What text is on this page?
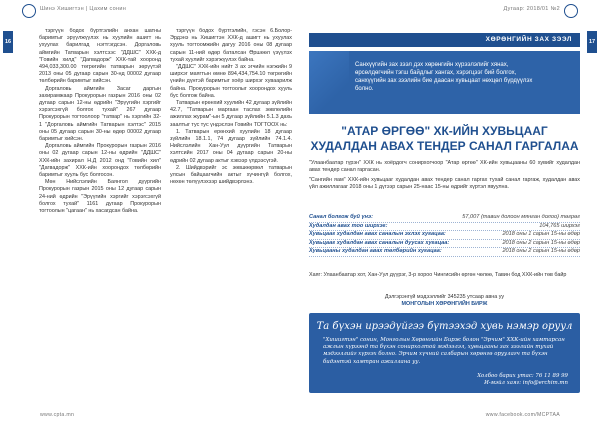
Шинэ Хишигтэн | Цахим сонин
16
Дугаар: 2018/01 №2
17

тэргүүн бодох бүртгэлийн анхан шатны баримтыг эрүүлжүүлэх нь хуулийн ашигт нь ухуулах барилгад нэгтгэгдсэн. Доргаловь аймгийн Татварын хэлтсээс "ДДШС" ХХК-д "Говийн хилд" "Дагвадорж" ХХК-тай хооронд 494,033,300.00 төгрөгийн татварын зөрүүтэй 2013 оны 05 дугаар сарын 30-нд 00002 дугаар төлбөрийн баримтыг хийсэн.

Доргаловь аймгийн Засаг даргын захирамжаар Прокурорын газрын 2016 оны 02 дугаар сарын 12-ны өдрийн "Эрүүгийн хэргийг хэрэгсэхгүй болгох тухай" 267 дугаар Прокурорын тогтоолоор "татвар" нь хэргийн 32-1 "Доргаловь аймгийн Татварын хэлтэс" 2015 оны 05 дугаар сарын 30-ны өдөр 00002 дугаар баримтыг хийсэн.

Доргаловь аймгийн Прокурорын газрын 2016 оны 02 дугаар сарын 12-ны өдрийн "ДДШС" ХХК-ийн захирал Н.Д 2012 онд "Говийн хил" "Дагвадорж" ХХК-ийн хоорондох төлбөрийн баримтыг хууль бус болгосон.

Мөн Нийслэлийн Баянгол дүүргийн Прокурорын газрын 2015 оны 12 дугаар сарын 24-ний өдрийн "Эрүүгийн хэргийг хэрэгсэхгүй болгох тухай" 1161 дугаар Прокурорын тогтоолын "цагаан" нь хасагдсан байна.

тэргүүн бодох бүртгэлийн, гэсэн 6.Болор-Эрдэнэ нь Хишигтэн ХХК-д ашигт нь ухуулах хууль тогтоомжийн дагуу 2016 оны 08 дугаар сарын 11-ний өдөр баталсан Өршөөл үзүүлэх тухай хуулийг хэрэгжүүлэх байна.

"ДДШС" ХХК-ийн нийт 3 ах эгчийн нэгжийн 9 ширхэг маягтын өмнө 894,434,754.10 төгрөгийн үнийн дүнтэй баримтыг хоёр ширхэг хуваарилж байна. Прокурорын тогтоолыг хоорондох хууль бус болгож байна.

Татварын ерөнхий хуулийн 42 дугаар зүйлийн 42.7, "Татварын маргаан таслах зөвлөлийн ажиллах журам"-ын 5 дугаар зүйлийн 5.1.3 дахь заалтыг тус тус үндэслэн Говийн ТОГТООХ нь:

1. Татварын ерөнхий хуулийн 18 дугаар зүйлийн 18.1.1, 74 дугаар зүйлийн 74.1.4. Нийслэлийн Хан-Уул дүүргийн Татварын хэлтсийн 2017 оны 04 дугаар сарын 20-ны өдрийн 02 дугаар актыг хэвээр үлдээсүгэй.

2. Шийдвэрийг эс зөвшөөрвөл татварын улсын байцаагчийн актыг хүчингүй болгох, нөхөн төлүүлэхээр шийдвэрлэнэ.

ХӨРӨНГИЙН ЗАХ ЗЭЭЛ
Санхүүгийн зах зээл дэх хөрөнгийн хүрээлэлийг хянах, өрсөлдөгчийн тэгш байдлыг хангах, хэрэгцээг бий болгох, санхүүгийн зах зээлийн бие даасан хувьцаат нөхцөл бүрдүүлэх болно.
"АТАР ӨРГӨӨ" ХК-ИЙН ХУВЬЦААГ ХУДАЛДАН АВАХ ТЕНДЕР САНАЛ ГАРГАЛАА

"Улаанбаатар гүрэн" ХХК нь хоёрдогч сонирхогчоор "Атар өргөө" ХК-ийн хувьцааны 60 хувийг худалдан авах тендер санал гаргасан.

"Сангийн яам" ХХК-ийн хувьцааг худалдан авах тендер санал гаргах тухай санал гаргаж, худалдан авах үйл ажиллагааг 2018 оны 1 дүгээр сарын 25-наас 15-ны өдрийг хүртэл явуулна.

Санал болгож буй үнэ:	57,007 (тавин долоон мянган долоо) төгрөг
Худалдан авах тоо ширхэг:	104,765 ширхэг
Хувьцааг худалдан авах саналын эхлэх хугацаа:	2018 оны 1 сарын 15-ны өдөр
Хувьцааг худалдан авах саналын дуусах хугацаа:	2018 оны 2 сарын 15-ны өдөр
Хувьцааны худалдан авах төлбөрийн хугацаа:	2018 оны 2 сарын 15-ны өдөр
Хаяг: Улаанбаатар хот, Хан-Уул дүүрэг, 3-р хороо Чингисийн өргөн чөлөө, Тавин бод ХХК-ийн төв байр
Дэлгэрэнгүй мэдээллийг 345235 утсаар авна уу
МОНГОЛЫН ХӨРӨНГИЙН БИРЖ
Та бүхэн ирээдүйгээ бүтээхэд хувь нэмэр оруул
"Хишигтэн" сонин, Монголын Хөрөнгийн Бирж болон "Эрчим" ХХК-ийн хамтарсан ажлын хүрээнд та бүхэн сонирхолтой мэдээлэл, хувьцааны зах зээлийн тухай мэдээллийг хүргэх болно. Эрчим хүчний салбарын хөрөнгө оруулагч та бүхэн бидэнтэй хамтран ажиллана уу.
Холбоо барих утас: 76 11 89 99
И-мэйл хаяг: info@erchim.mn
www.cpta.mn	www.facebook.com/MCPTAA
